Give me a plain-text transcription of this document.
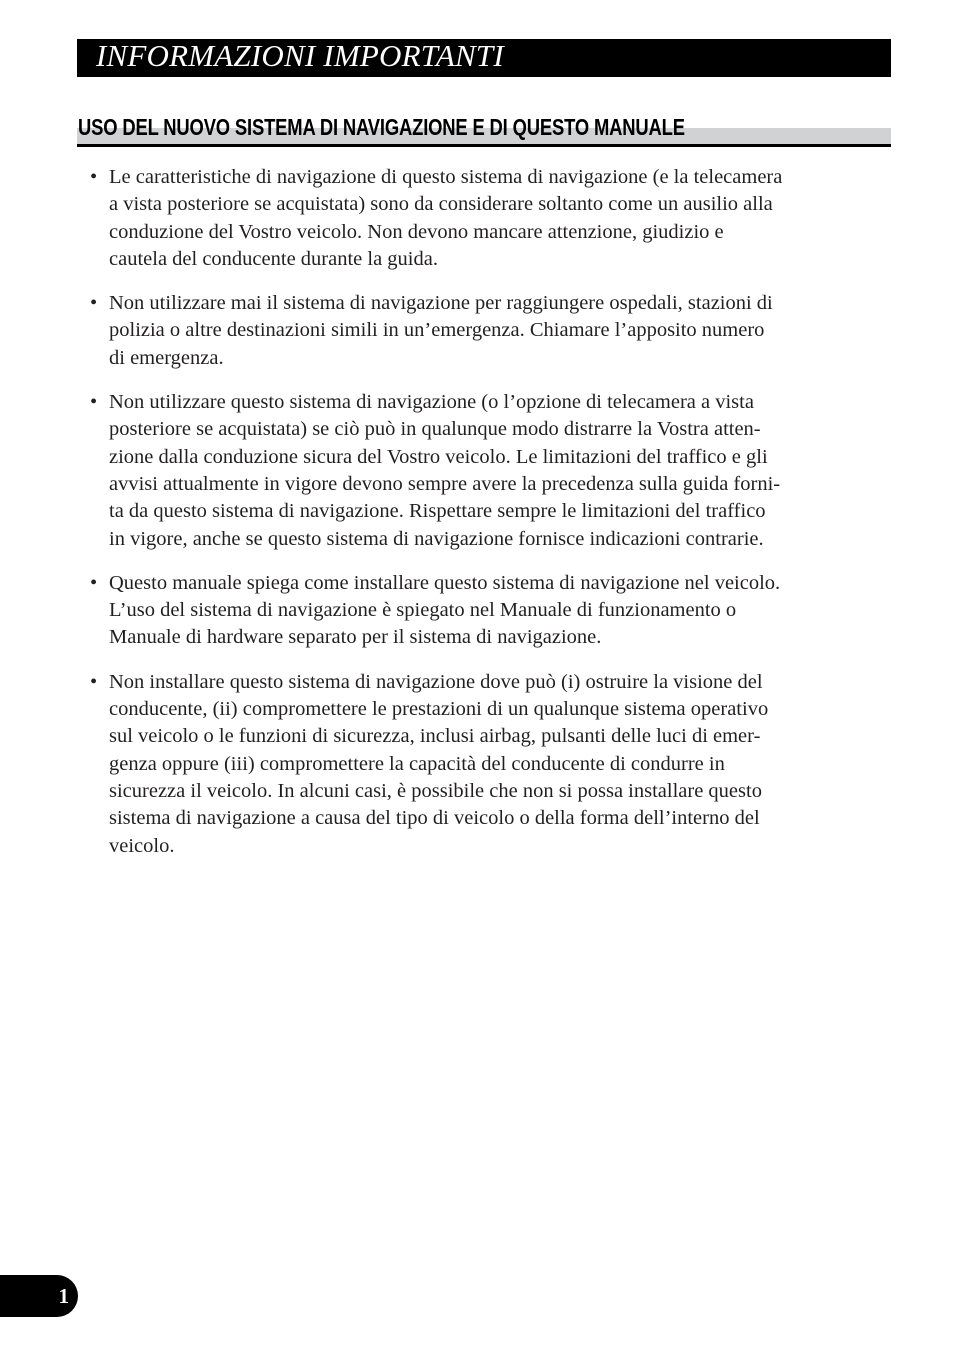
INFORMAZIONI IMPORTANTI
USO DEL NUOVO SISTEMA DI NAVIGAZIONE E DI QUESTO MANUALE
• Le caratteristiche di navigazione di questo sistema di navigazione (e la telecamera
a vista posteriore se acquistata) sono da considerare soltanto come un ausilio alla
conduzione del Vostro veicolo. Non devono mancare attenzione, giudizio e
cautela del conducente durante la guida.
• Non utilizzare mai il sistema di navigazione per raggiungere ospedali, stazioni di
polizia o altre destinazioni simili in un’emergenza. Chiamare l’apposito numero
di emergenza.
• Non utilizzare questo sistema di navigazione (o l’opzione di telecamera a vista
posteriore se acquistata) se ciò può in qualunque modo distrarre la Vostra atten-
zione dalla conduzione sicura del Vostro veicolo. Le limitazioni del traffico e gli
avvisi attualmente in vigore devono sempre avere la precedenza sulla guida forni-
ta da questo sistema di navigazione. Rispettare sempre le limitazioni del traffico
in vigore, anche se questo sistema di navigazione fornisce indicazioni contrarie.
• Questo manuale spiega come installare questo sistema di navigazione nel veicolo.
L’uso del sistema di navigazione è spiegato nel Manuale di funzionamento o
Manuale di hardware separato per il sistema di navigazione.
• Non installare questo sistema di navigazione dove può (i) ostruire la visione del
conducente, (ii) compromettere le prestazioni di un qualunque sistema operativo
sul veicolo o le funzioni di sicurezza, inclusi airbag, pulsanti delle luci di emer-
genza oppure (iii) compromettere la capacità del conducente di condurre in
sicurezza il veicolo. In alcuni casi, è possibile che non si possa installare questo
sistema di navigazione a causa del tipo di veicolo o della forma dell’interno del
veicolo.
1
